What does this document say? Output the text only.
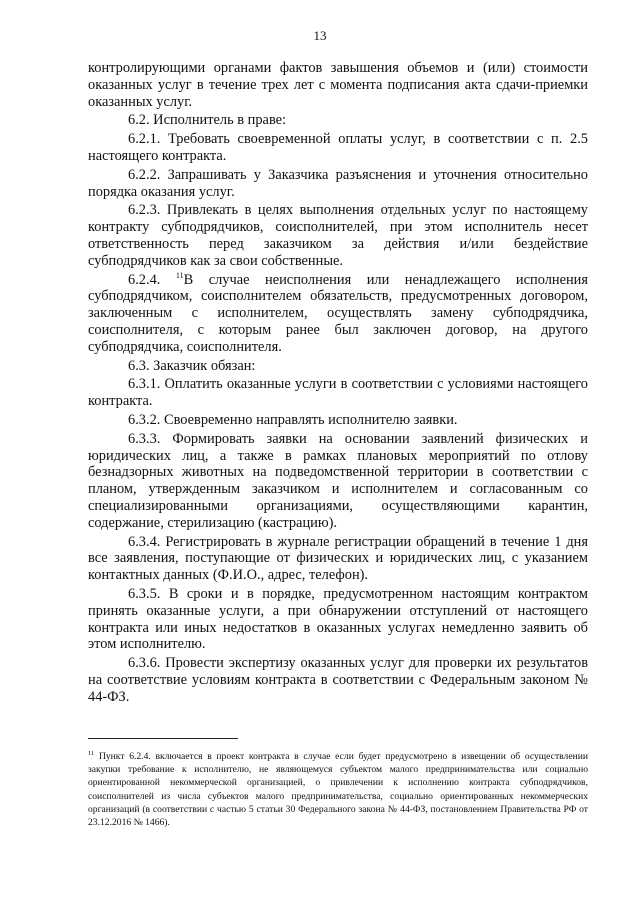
13

контролирующими органами фактов завышения объемов и (или) стоимости оказанных услуг в течение трех лет с момента подписания акта сдачи-приемки оказанных услуг.

6.2. Исполнитель в праве:

6.2.1. Требовать своевременной оплаты услуг, в соответствии с п. 2.5 настоящего контракта.

6.2.2. Запрашивать у Заказчика разъяснения и уточнения относительно порядка оказания услуг.

6.2.3. Привлекать в целях выполнения отдельных услуг по настоящему контракту субподрядчиков, соисполнителей, при этом исполнитель несет ответственность перед заказчиком за действия и/или бездействие субподрядчиков как за свои собственные.

6.2.4. $^{11}$В случае неисполнения или ненадлежащего исполнения субподрядчиком, соисполнителем обязательств, предусмотренных договором, заключенным с исполнителем, осуществлять замену субподрядчика, соисполнителя, с которым ранее был заключен договор, на другого субподрядчика, соисполнителя.

6.3. Заказчик обязан:

6.3.1. Оплатить оказанные услуги в соответствии с условиями настоящего контракта.

6.3.2. Своевременно направлять исполнителю заявки.

6.3.3. Формировать заявки на основании заявлений физических и юридических лиц, а также в рамках плановых мероприятий по отлову безнадзорных животных на подведомственной территории в соответствии с планом, утвержденным заказчиком и исполнителем и согласованным со специализированными организациями, осуществляющими карантин, содержание, стерилизацию (кастрацию).

6.3.4. Регистрировать в журнале регистрации обращений в течение 1 дня все заявления, поступающие от физических и юридических лиц, с указанием контактных данных (Ф.И.О., адрес, телефон).

6.3.5. В сроки и в порядке, предусмотренном настоящим контрактом принять оказанные услуги, а при обнаружении отступлений от настоящего контракта или иных недостатков в оказанных услугах немедленно заявить об этом исполнителю.

6.3.6. Провести экспертизу оказанных услуг для проверки их результатов на соответствие условиям контракта в соответствии с Федеральным законом № 44-ФЗ.

$^{11}$ Пункт 6.2.4. включается в проект контракта в случае если будет предусмотрено в извещении об осуществлении закупки требование к исполнителю, не являющемуся субъектом малого предпринимательства или социально ориентированной некоммерческой организацией, о привлечении к исполнению контракта субподрядчиков, соисполнителей из числа субъектов малого предпринимательства, социально ориентированных некоммерческих организаций (в соответствии с частью 5 статьи 30 Федерального закона № 44-ФЗ, постановлением Правительства РФ от 23.12.2016 № 1466).
